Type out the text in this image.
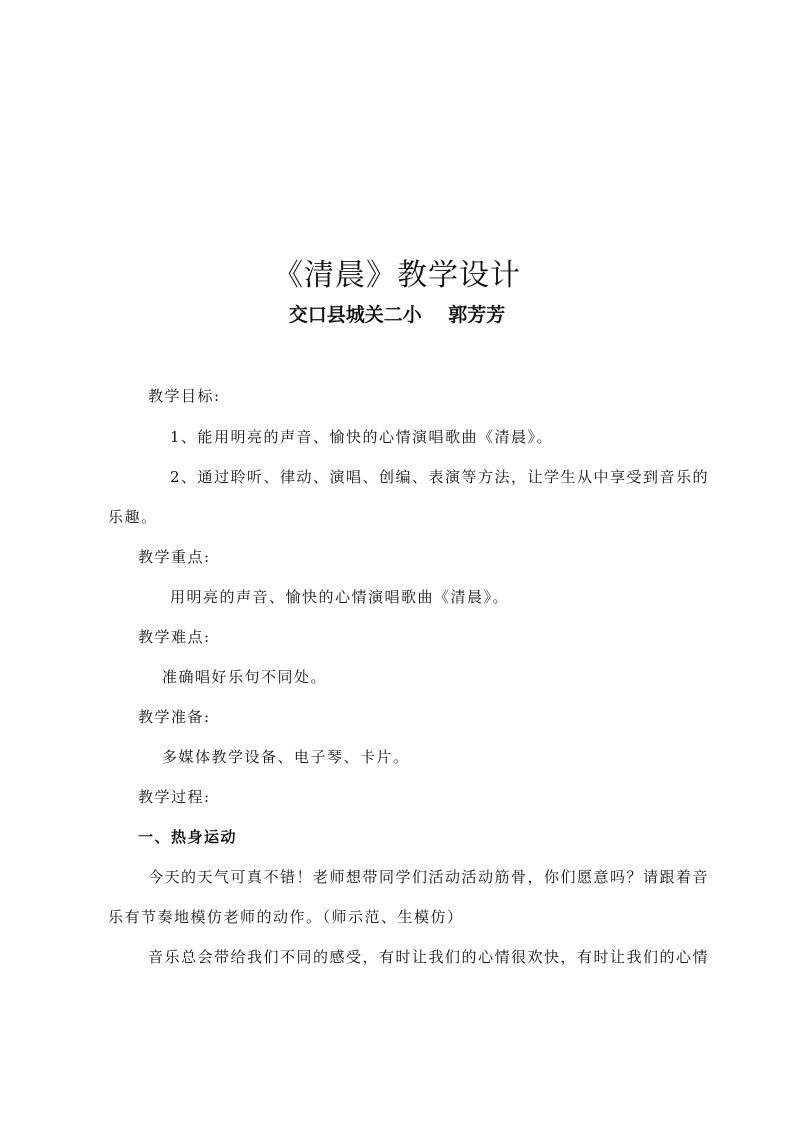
《清晨》教学设计
交口县城关二小    郭芳芳
教学目标:
1、能用明亮的声音、愉快的心情演唱歌曲《清晨》。
2、通过聆听、律动、演唱、创编、表演等方法，让学生从中享受到音乐的
乐趣。
教学重点:
用明亮的声音、愉快的心情演唱歌曲《清晨》。
教学难点:
准确唱好乐句不同处。
教学准备:
多媒体教学设备、电子琴、卡片。
教学过程:
一、热身运动
今天的天气可真不错！老师想带同学们活动活动筋骨，你们愿意吗？请跟着音
乐有节奏地模仿老师的动作。（师示范、生模仿）
音乐总会带给我们不同的感受，有时让我们的心情很欢快，有时让我们的心情
